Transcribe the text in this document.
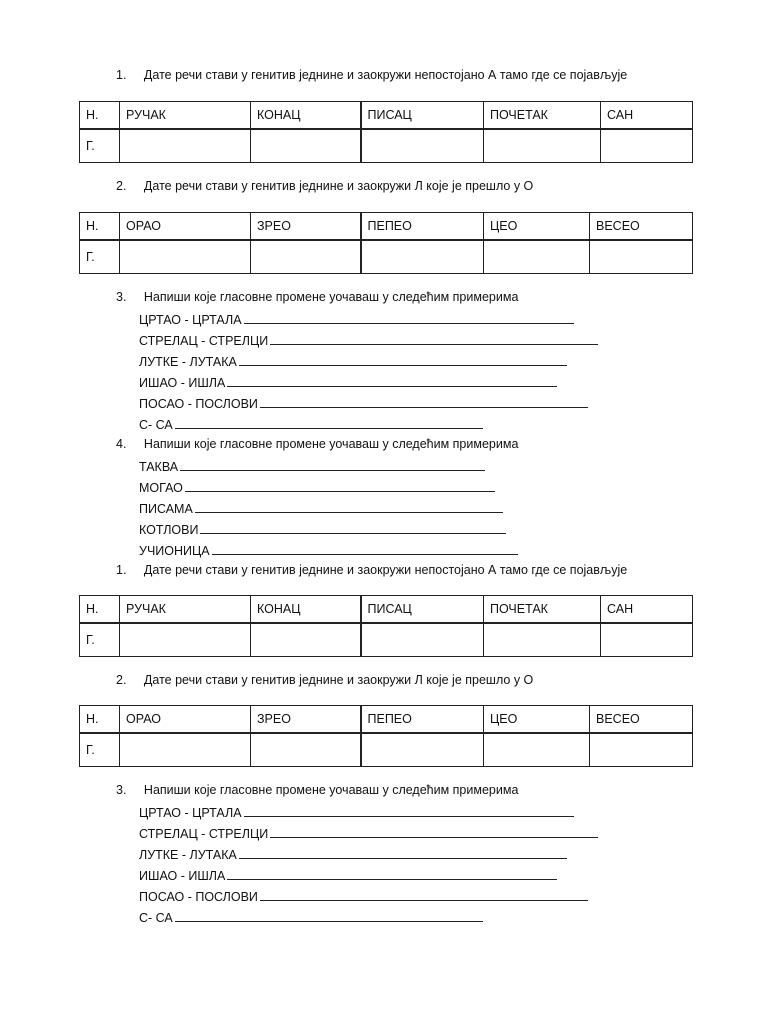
1. Дате речи стави у генитив једнине и заокружи непостојано А тамо где се појављује
Н.	РУЧАК	КОНАЦ	ПИСАЦ	ПОЧЕТАК	САН
Г.					
2. Дате речи стави у генитив једнине и заокружи Л које је прешло у О
Н.	ОРАО	ЗРЕО	ПЕПЕО	ЦЕО	ВЕСЕО
Г.					
3. Напиши које гласовне промене уочаваш у следећим примерима
ЦРТАО - ЦРТАЛА
СТРЕЛАЦ - СТРЕЛЦИ
ЛУТКЕ - ЛУТАКА
ИШАО - ИШЛА
ПОСАО - ПОСЛОВИ
С- СА
4. Напиши које гласовне промене уочаваш у следећим примерима
ТАКВА
МОГАО
ПИСАМА
КОТЛОВИ
УЧИОНИЦА
1. Дате речи стави у генитив једнине и заокружи непостојано А тамо где се појављује
Н.	РУЧАК	КОНАЦ	ПИСАЦ	ПОЧЕТАК	САН
Г.					
2. Дате речи стави у генитив једнине и заокружи Л које је прешло у О
Н.	ОРАО	ЗРЕО	ПЕПЕО	ЦЕО	ВЕСЕО
Г.					
3. Напиши које гласовне промене уочаваш у следећим примерима
ЦРТАО - ЦРТАЛА
СТРЕЛАЦ - СТРЕЛЦИ
ЛУТКЕ - ЛУТАКА
ИШАО - ИШЛА
ПОСАО - ПОСЛОВИ
С- СА
